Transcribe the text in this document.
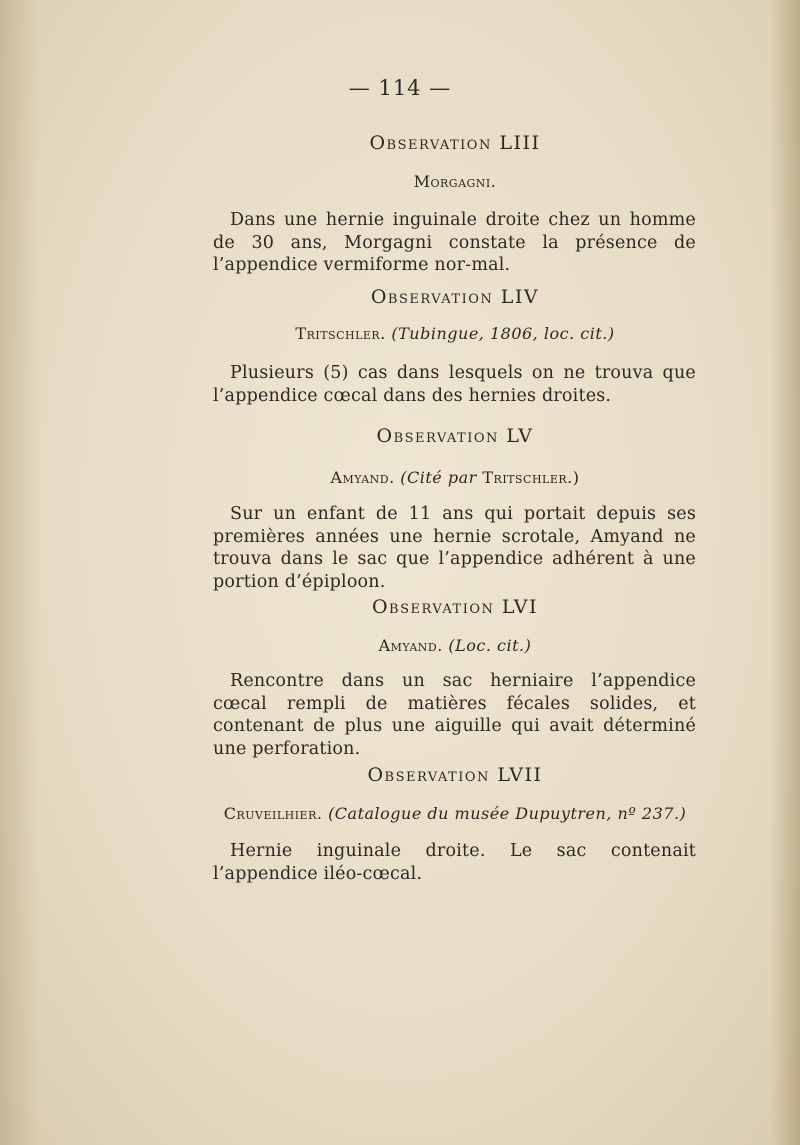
— 114 —
Observation LIII
Morgagni.
Dans une hernie inguinale droite chez un homme de 30 ans, Morgagni constate la présence de l’appendice vermiforme nor-mal.
Observation LIV
Tritschler. (Tubingue, 1806, loc. cit.)
Plusieurs (5) cas dans lesquels on ne trouva que l’appendice cœcal dans des hernies droites.
Observation LV
Amyand. (Cité par Tritschler.)
Sur un enfant de 11 ans qui portait depuis ses premières années une hernie scrotale, Amyand ne trouva dans le sac que l’appendice adhérent à une portion d’épiploon.
Observation LVI
Amyand. (Loc. cit.)
Rencontre dans un sac herniaire l’appendice cœcal rempli de matières fécales solides, et contenant de plus une aiguille qui avait déterminé une perforation.
Observation LVII
Cruveilhier. (Catalogue du musée Dupuytren, nº 237.)
Hernie inguinale droite. Le sac contenait l’appendice iléo-cœcal.
